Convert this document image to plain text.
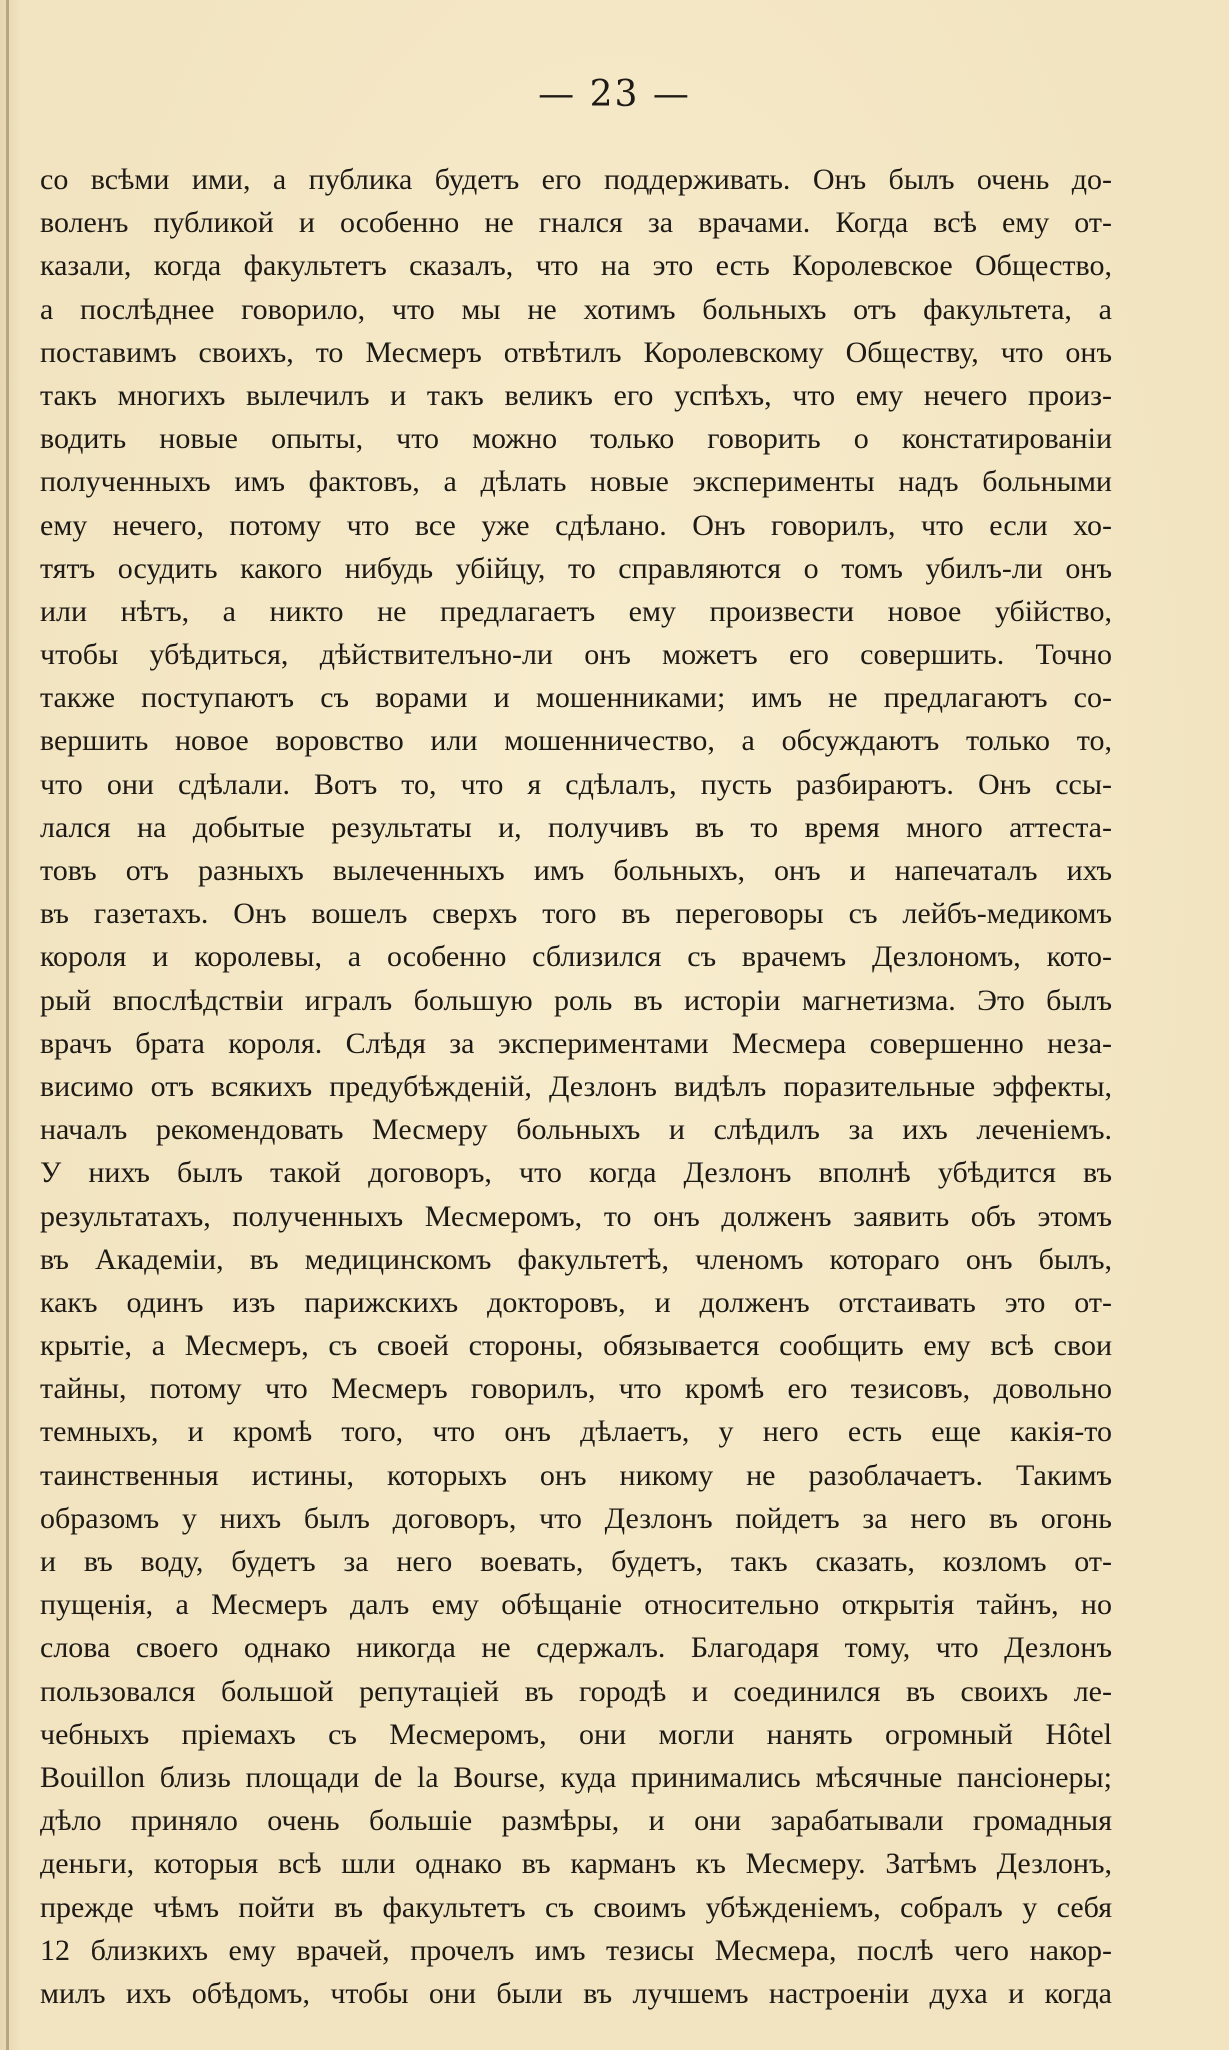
— 23 —
со всѣми ими, а публика будетъ его поддерживать. Онъ былъ очень до-
воленъ публикой и особенно не гнался за врачами. Когда всѣ ему от-
казали, когда факультетъ сказалъ, что на это есть Королевское Общество,
а послѣднее говорило, что мы не хотимъ больныхъ отъ факультета, а
поставимъ своихъ, то Месмеръ отвѣтилъ Королевскому Обществу, что онъ
такъ многихъ вылечилъ и такъ великъ его успѣхъ, что ему нечего произ-
водить новые опыты, что можно только говорить о констатированіи
полученныхъ имъ фактовъ, а дѣлать новые эксперименты надъ больными
ему нечего, потому что все уже сдѣлано. Онъ говорилъ, что если хо-
тятъ осудить какого нибудь убійцу, то справляются о томъ убилъ-ли онъ
или нѣтъ, а никто не предлагаетъ ему произвести новое убійство,
чтобы убѣдиться, дѣйствителъно-ли онъ можетъ его совершить. Точно
также поступаютъ съ ворами и мошенниками; имъ не предлагаютъ со-
вершить новое воровство или мошенничество, а обсуждаютъ только то,
что они сдѣлали. Вотъ то, что я сдѣлалъ, пусть разбираютъ. Онъ ссы-
лался на добытые результаты и, получивъ въ то время много аттеста-
товъ отъ разныхъ вылеченныхъ имъ больныхъ, онъ и напечаталъ ихъ
въ газетахъ. Онъ вошелъ сверхъ того въ переговоры съ лейбъ-медикомъ
короля и королевы, а особенно сблизился съ врачемъ Дезлономъ, кото-
рый впослѣдствіи игралъ большую роль въ исторіи магнетизма. Это былъ
врачъ брата короля. Слѣдя за экспериментами Месмера совершенно неза-
висимо отъ всякихъ предубѣжденій, Дезлонъ видѣлъ поразительные эффекты,
началъ рекомендовать Месмеру больныхъ и слѣдилъ за ихъ леченіемъ.
У нихъ былъ такой договоръ, что когда Дезлонъ вполнѣ убѣдится въ
результатахъ, полученныхъ Месмеромъ, то онъ долженъ заявить объ этомъ
въ Академіи, въ медицинскомъ факультетѣ, членомъ котораго онъ былъ,
какъ одинъ изъ парижскихъ докторовъ, и долженъ отстаивать это от-
крытіе, а Месмеръ, съ своей стороны, обязывается сообщить ему всѣ свои
тайны, потому что Месмеръ говорилъ, что кромѣ его тезисовъ, довольно
темныхъ, и кромѣ того, что онъ дѣлаетъ, у него есть еще какія-то
таинственныя истины, которыхъ онъ никому не разоблачаетъ. Такимъ
образомъ у нихъ былъ договоръ, что Дезлонъ пойдетъ за него въ огонь
и въ воду, будетъ за него воевать, будетъ, такъ сказать, козломъ от-
пущенія, а Месмеръ далъ ему обѣщаніе относительно открытія тайнъ, но
слова своего однако никогда не сдержалъ. Благодаря тому, что Дезлонъ
пользовался большой репутаціей въ городѣ и соединился въ своихъ ле-
чебныхъ пріемахъ съ Месмеромъ, они могли нанять огромный Hôtel
Bouillon близь площади de la Bourse, куда принимались мѣсячные пансіонеры;
дѣло приняло очень большіе размѣры, и они зарабатывали громадныя
деньги, которыя всѣ шли однако въ карманъ къ Месмеру. Затѣмъ Дезлонъ,
прежде чѣмъ пойти въ факультетъ съ своимъ убѣжденіемъ, собралъ у себя
12 близкихъ ему врачей, прочелъ имъ тезисы Месмера, послѣ чего накор-
милъ ихъ обѣдомъ, чтобы они были въ лучшемъ настроеніи духа и когда
